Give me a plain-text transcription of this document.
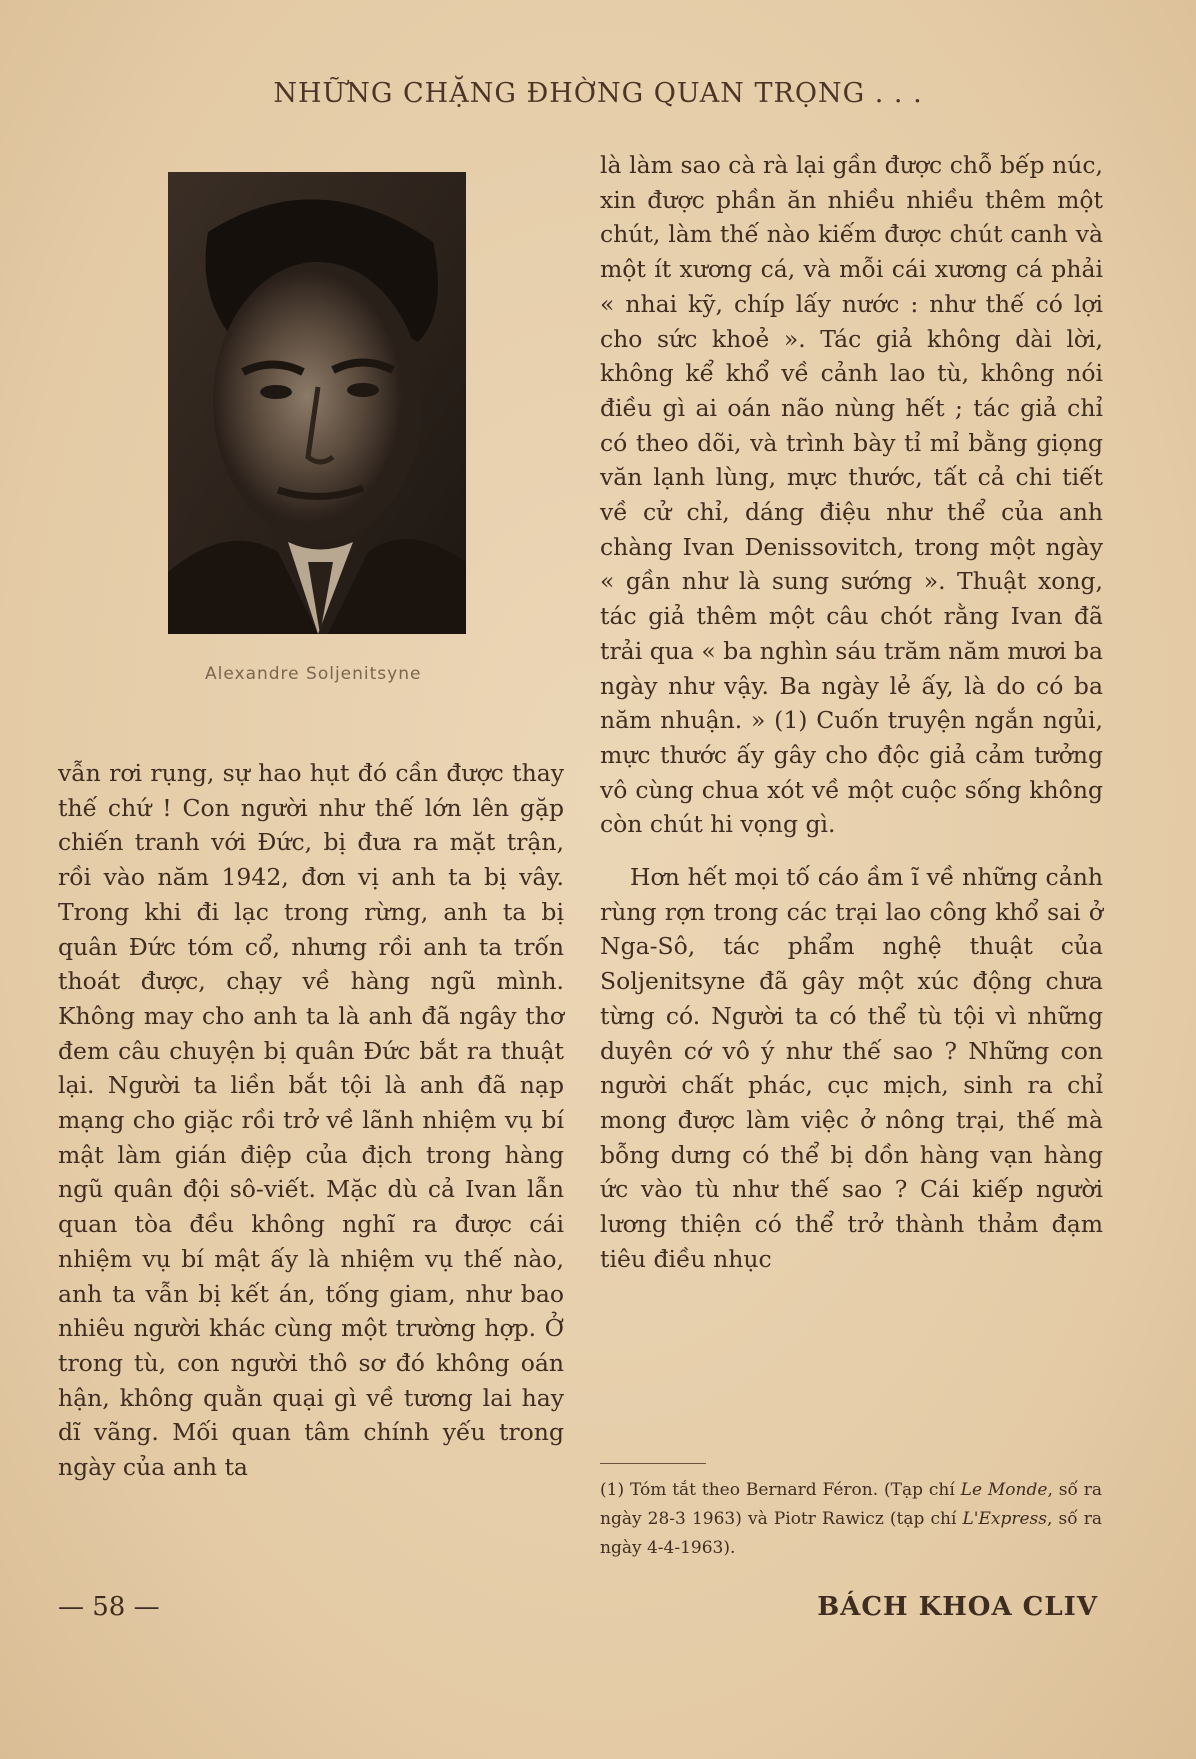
NHỮNG CHẶNG ĐHỜNG QUAN TRỌNG . . .
Alexandre Soljenitsyne

vẫn rơi rụng, sự hao hụt đó cần được thay thế chứ ! Con người như thế lớn lên gặp chiến tranh với Đức, bị đưa ra mặt trận, rồi vào năm 1942, đơn vị anh ta bị vây. Trong khi đi lạc trong rừng, anh ta bị quân Đức tóm cổ, nhưng rồi anh ta trốn thoát được, chạy về hàng ngũ mình. Không may cho anh ta là anh đã ngây thơ đem câu chuyện bị quân Đức bắt ra thuật lại. Người ta liền bắt tội là anh đã nạp mạng cho giặc rồi trở về lãnh nhiệm vụ bí mật làm gián điệp của địch trong hàng ngũ quân đội sô-viết. Mặc dù cả Ivan lẫn quan tòa đều không nghĩ ra được cái nhiệm vụ bí mật ấy là nhiệm vụ thế nào, anh ta vẫn bị kết án, tống giam, như bao nhiêu người khác cùng một trường hợp. Ở trong tù, con người thô sơ đó không oán hận, không quằn quại gì về tương lai hay dĩ vãng. Mối quan tâm chính yếu trong ngày của anh ta

là làm sao cà rà lại gần được chỗ bếp núc, xin được phần ăn nhiều nhiều thêm một chút, làm thế nào kiếm được chút canh và một ít xương cá, và mỗi cái xương cá phải « nhai kỹ, chíp lấy nước : như thế có lợi cho sức khoẻ ». Tác giả không dài lời, không kể khổ về cảnh lao tù, không nói điều gì ai oán não nùng hết ; tác giả chỉ có theo dõi, và trình bày tỉ mỉ bằng giọng văn lạnh lùng, mực thước, tất cả chi tiết về cử chỉ, dáng điệu như thể của anh chàng Ivan Denissovitch, trong một ngày « gần như là sung sướng ». Thuật xong, tác giả thêm một câu chót rằng Ivan đã trải qua « ba nghìn sáu trăm năm mươi ba ngày như vậy. Ba ngày lẻ ấy, là do có ba năm nhuận. » (1) Cuốn truyện ngắn ngủi, mực thước ấy gây cho độc giả cảm tưởng vô cùng chua xót về một cuộc sống không còn chút hi vọng gì.

Hơn hết mọi tố cáo ầm ĩ về những cảnh rùng rợn trong các trại lao công khổ sai ở Nga-Sô, tác phẩm nghệ thuật của Soljenitsyne đã gây một xúc động chưa từng có. Người ta có thể tù tội vì những duyên cớ vô ý như thế sao ? Những con người chất phác, cục mịch, sinh ra chỉ mong được làm việc ở nông trại, thế mà bỗng dưng có thể bị dồn hàng vạn hàng ức vào tù như thế sao ? Cái kiếp người lương thiện có thể trở thành thảm đạm tiêu điều nhục

(1) Tóm tắt theo Bernard Féron. (Tạp chí Le Monde, số ra ngày 28-3 1963) và Piotr Rawicz (tạp chí L'Express, số ra ngày 4-4-1963).
— 58 —	BÁCH KHOA CLIV
